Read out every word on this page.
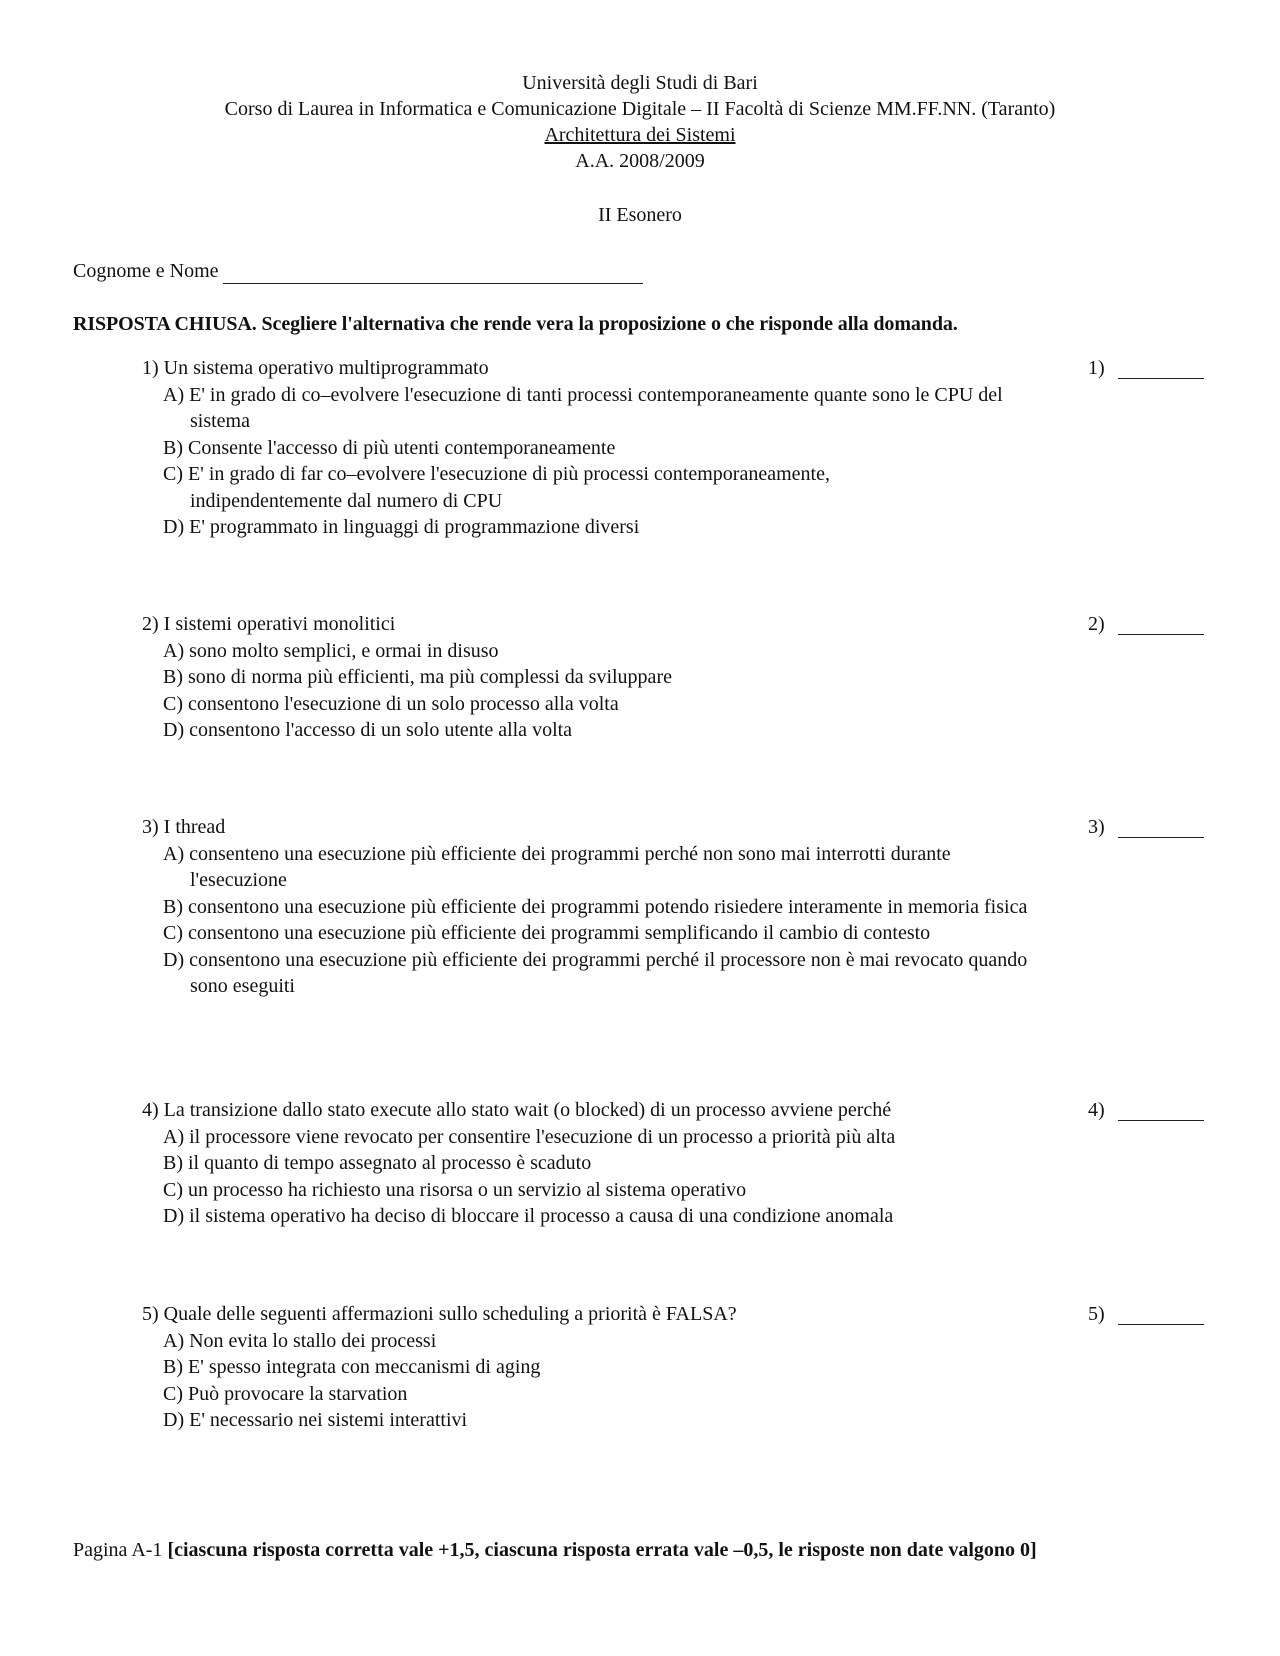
Università degli Studi di Bari
Corso di Laurea in Informatica e Comunicazione Digitale – II Facoltà di Scienze MM.FF.NN. (Taranto)
Architettura dei Sistemi
A.A. 2008/2009
II Esonero
Cognome e Nome
RISPOSTA CHIUSA. Scegliere l'alternativa che rende vera la proposizione o che risponde alla domanda.
1) Un sistema operativo multiprogrammato
A) E' in grado di co–evolvere l'esecuzione di tanti processi contemporaneamente quante sono le CPU del sistema
B) Consente l'accesso di più utenti contemporaneamente
C) E' in grado di far co–evolvere l'esecuzione di più processi contemporaneamente, indipendentemente dal numero di CPU
D) E' programmato in linguaggi di programmazione diversi
1)
2) I sistemi operativi monolitici
A) sono molto semplici, e ormai in disuso
B) sono di norma più efficienti, ma più complessi da sviluppare
C) consentono l'esecuzione di un solo processo alla volta
D) consentono l'accesso di un solo utente alla volta
2)
3) I thread
A) consenteno una esecuzione più efficiente dei programmi perché non sono mai interrotti durante l'esecuzione
B) consentono una esecuzione più efficiente dei programmi potendo risiedere interamente in memoria fisica
C) consentono una esecuzione più efficiente dei programmi semplificando il cambio di contesto
D) consentono una esecuzione più efficiente dei programmi perché il processore non è mai revocato quando sono eseguiti
3)
4) La transizione dallo stato execute allo stato wait (o blocked) di un processo avviene perché
A) il processore viene revocato per consentire l'esecuzione di un processo a priorità più alta
B) il quanto di tempo assegnato al processo è scaduto
C) un processo ha richiesto una risorsa o un servizio al sistema operativo
D) il sistema operativo ha deciso di bloccare il processo a causa di una condizione anomala
4)
5) Quale delle seguenti affermazioni sullo scheduling a priorità è FALSA?
A) Non evita lo stallo dei processi
B) E' spesso integrata con meccanismi di aging
C) Può provocare la starvation
D) E' necessario nei sistemi interattivi
5)
Pagina A-1 [ciascuna risposta corretta vale +1,5, ciascuna risposta errata vale –0,5, le risposte non date valgono 0]
